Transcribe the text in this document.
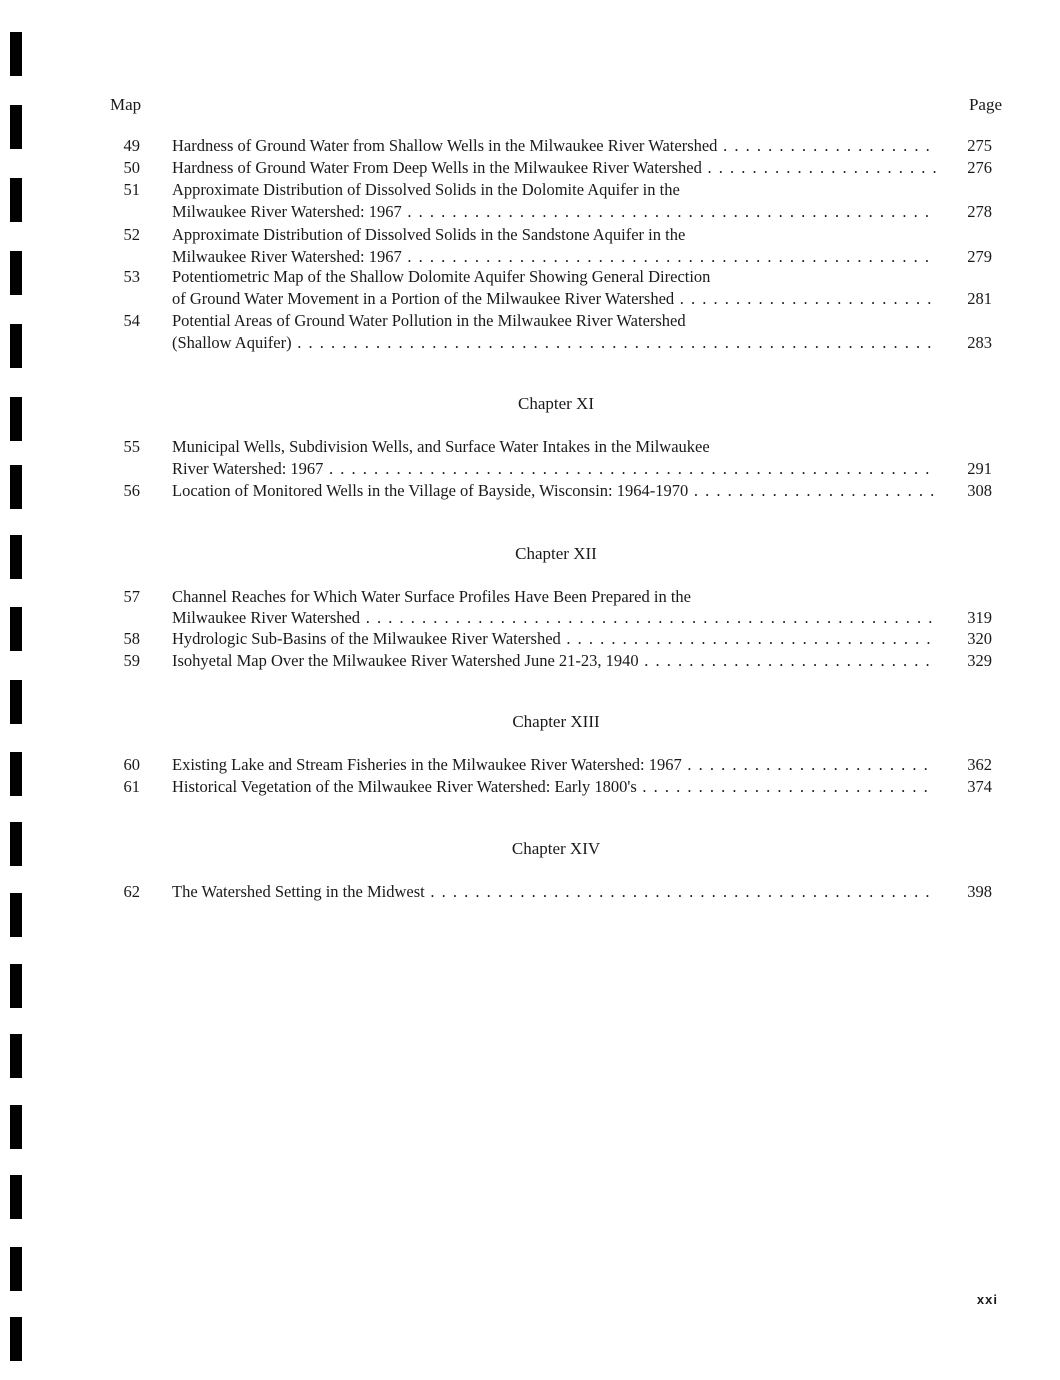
Map	Page
49 Hardness of Ground Water from Shallow Wells in the Milwaukee River Watershed . . .	275
50 Hardness of Ground Water From Deep Wells in the Milwaukee River Watershed . . .	276
51 Approximate Distribution of Dissolved Solids in the Dolomite Aquifer in the
Milwaukee River Watershed: 1967 . . .	278
52 Approximate Distribution of Dissolved Solids in the Sandstone Aquifer in the
Milwaukee River Watershed: 1967 . . .	279
53 Potentiometric Map of the Shallow Dolomite Aquifer Showing General Direction
of Ground Water Movement in a Portion of the Milwaukee River Watershed . . .	281
54 Potential Areas of Ground Water Pollution in the Milwaukee River Watershed
(Shallow Aquifer) . . .	283
Chapter XI
55 Municipal Wells, Subdivision Wells, and Surface Water Intakes in the Milwaukee
River Watershed: 1967 . . .	291
56 Location of Monitored Wells in the Village of Bayside, Wisconsin: 1964-1970 . . .	308
Chapter XII
57 Channel Reaches for Which Water Surface Profiles Have Been Prepared in the
Milwaukee River Watershed . . .	319
58 Hydrologic Sub-Basins of the Milwaukee River Watershed . . .	320
59 Isohyetal Map Over the Milwaukee River Watershed June 21-23, 1940 . . .	329
Chapter XIII
60 Existing Lake and Stream Fisheries in the Milwaukee River Watershed: 1967 . . .	362
61 Historical Vegetation of the Milwaukee River Watershed: Early 1800's . . .	374
Chapter XIV
62 The Watershed Setting in the Midwest . . .	398
xxi
